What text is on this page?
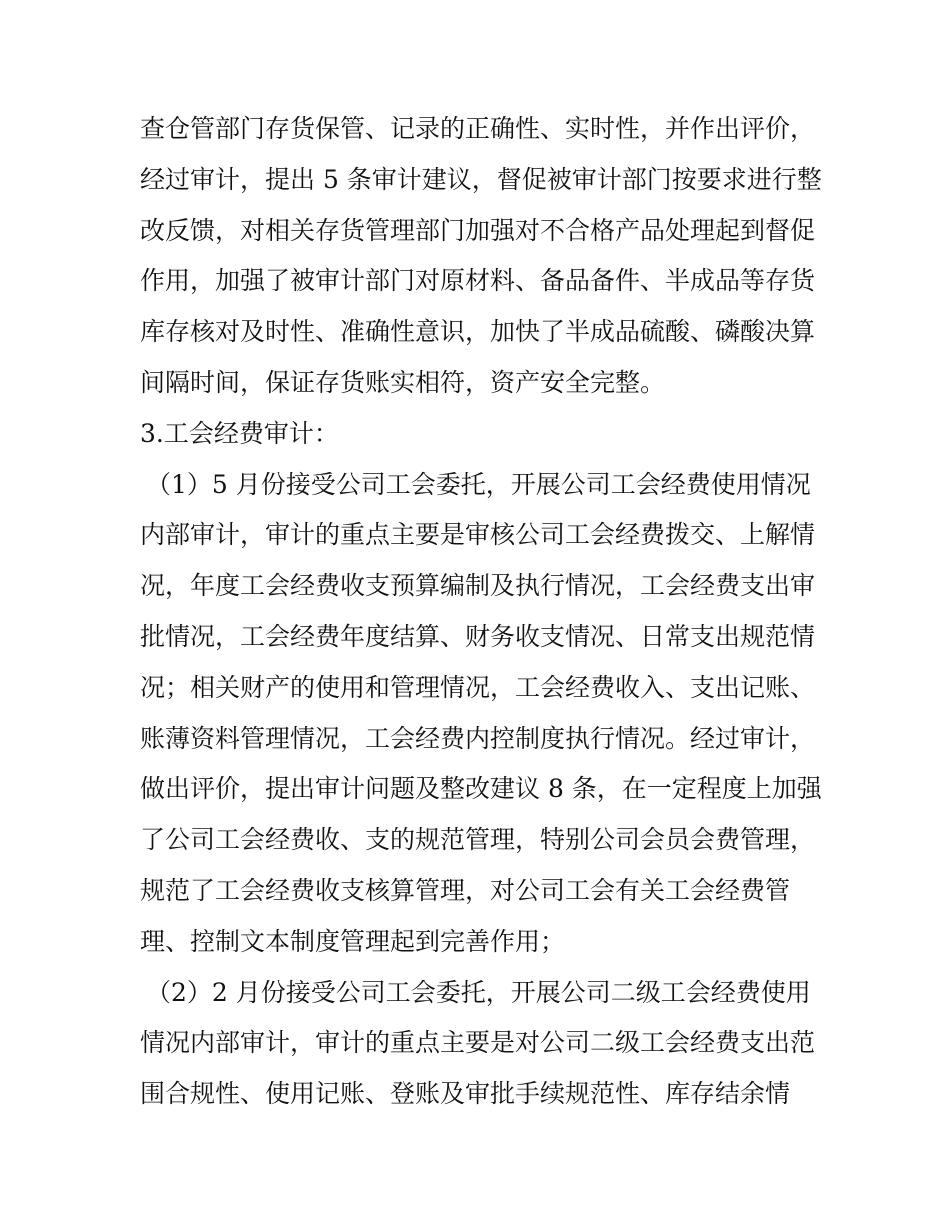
查仓管部门存货保管、记录的正确性、实时性，并作出评价，
经过审计，提出 5 条审计建议，督促被审计部门按要求进行整
改反馈，对相关存货管理部门加强对不合格产品处理起到督促
作用，加强了被审计部门对原材料、备品备件、半成品等存货
库存核对及时性、准确性意识，加快了半成品硫酸、磷酸决算
间隔时间，保证存货账实相符，资产安全完整。
3.工会经费审计：
（1）5 月份接受公司工会委托，开展公司工会经费使用情况
内部审计，审计的重点主要是审核公司工会经费拨交、上解情
况，年度工会经费收支预算编制及执行情况，工会经费支出审
批情况，工会经费年度结算、财务收支情况、日常支出规范情
况；相关财产的使用和管理情况，工会经费收入、支出记账、
账薄资料管理情况，工会经费内控制度执行情况。经过审计，
做出评价，提出审计问题及整改建议 8 条，在一定程度上加强
了公司工会经费收、支的规范管理，特别公司会员会费管理，
规范了工会经费收支核算管理，对公司工会有关工会经费管
理、控制文本制度管理起到完善作用；
（2）2 月份接受公司工会委托，开展公司二级工会经费使用
情况内部审计，审计的重点主要是对公司二级工会经费支出范
围合规性、使用记账、登账及审批手续规范性、库存结余情
